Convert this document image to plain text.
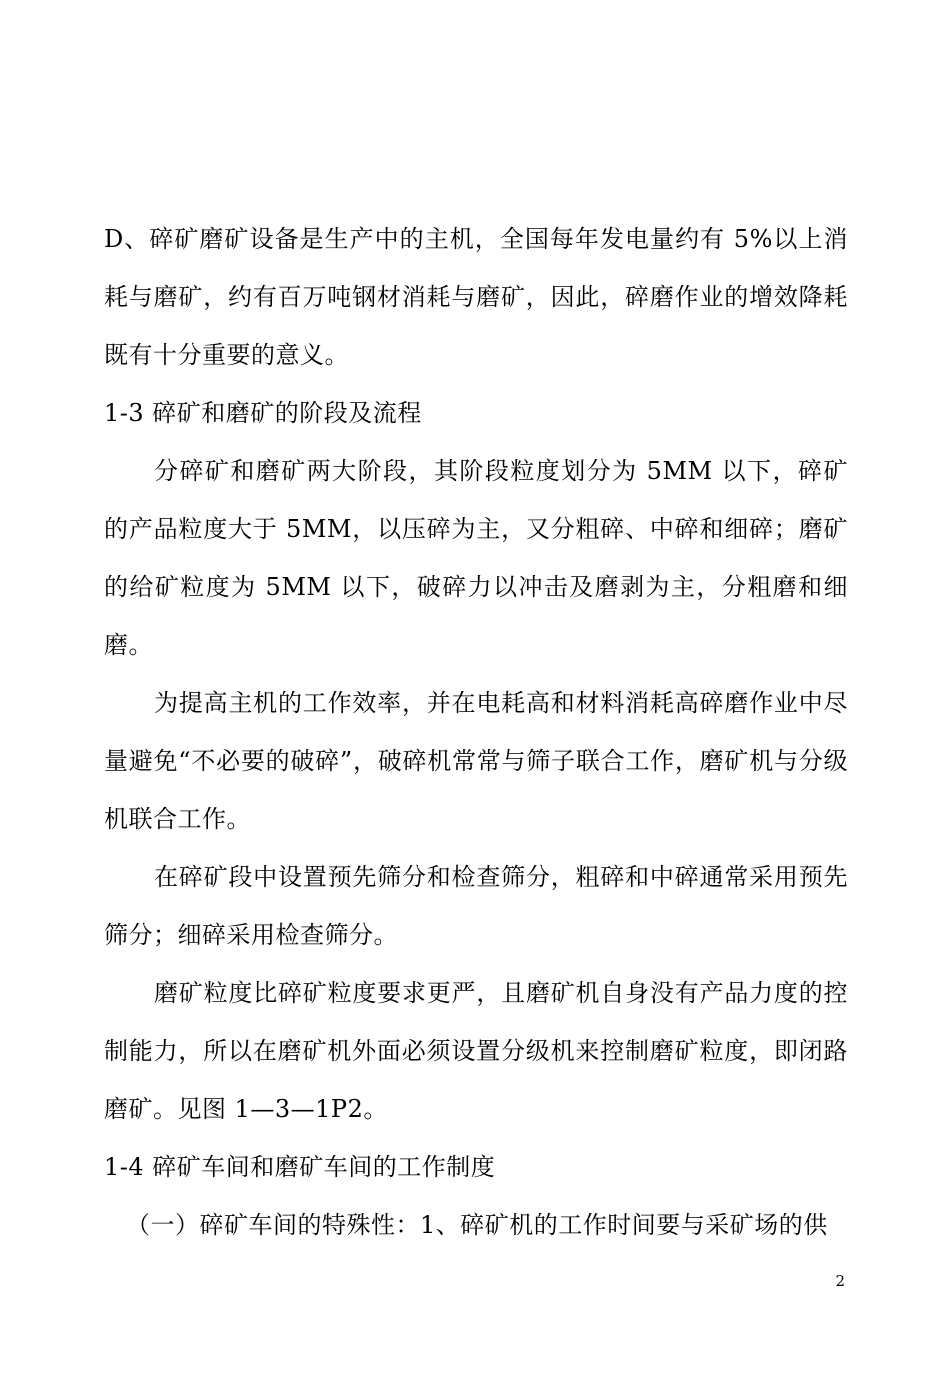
D、碎矿磨矿设备是生产中的主机，全国每年发电量约有 5%以上消耗与磨矿，约有百万吨钢材消耗与磨矿，因此，碎磨作业的增效降耗既有十分重要的意义。

1-3 碎矿和磨矿的阶段及流程

分碎矿和磨矿两大阶段，其阶段粒度划分为 5MM 以下，碎矿的产品粒度大于 5MM，以压碎为主，又分粗碎、中碎和细碎；磨矿的给矿粒度为 5MM 以下，破碎力以冲击及磨剥为主，分粗磨和细磨。

为提高主机的工作效率，并在电耗高和材料消耗高碎磨作业中尽量避免“不必要的破碎”，破碎机常常与筛子联合工作，磨矿机与分级机联合工作。

在碎矿段中设置预先筛分和检查筛分，粗碎和中碎通常采用预先筛分；细碎采用检查筛分。

磨矿粒度比碎矿粒度要求更严，且磨矿机自身没有产品力度的控制能力，所以在磨矿机外面必须设置分级机来控制磨矿粒度，即闭路磨矿。见图 1—3—1P2。

1-4 碎矿车间和磨矿车间的工作制度

（一）碎矿车间的特殊性：1、碎矿机的工作时间要与采矿场的供

2
